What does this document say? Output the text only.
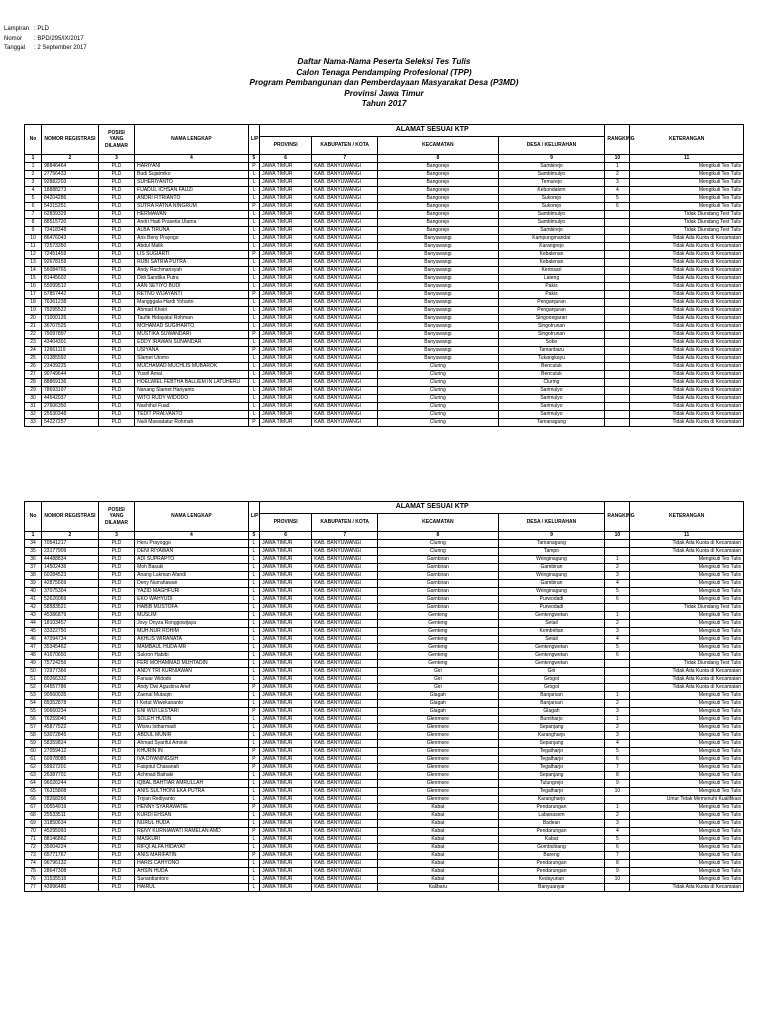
Lampiran : PLD
Nomor : BPD/295/IX/2017
Tanggal : 2 September 2017
Daftar Nama-Nama Peserta Seleksi Tes Tulis
Calon Tenaga Pendamping Profesional (TPP)
Program Pembangunan dan Pemberdayaan Masyarakat Desa (P3MD)
Provinsi Jawa Timur
Tahun 2017
No	NOMOR REGISTRASI	POSISI YANG DILAMAR	NAMA LENGKAP	L/P	ALAMAT SESUAI KTP				RANGKING	KETERANGAN
					PROVINSI	KABUPATEN / KOTA	KECAMATAN	DESA / KELURAHAN		
1	2	3	4	5	6	7	8	9	10	11
1	98846464	PLD	HARIYANI	P	JAWA TIMUR	KAB. BANYUWANGI	Bangorejo	Sambirejo	1	Mengikuti Tes Tulis
2	27756433	PLD	Budi Sujatmiko	L	JAWA TIMUR	KAB. BANYUWANGI	Bangorejo	Sambimulyo	2	Mengikuti Tes Tulis
3	92882203	PLD	SUHERIYANTO	L	JAWA TIMUR	KAB. BANYUWANGI	Bangorejo	Temurejo	3	Mengikuti Tes Tulis
4	18888273	PLD	FUADUL ICHSAN FAUZI	L	JAWA TIMUR	KAB. BANYUWANGI	Bangorejo	Kebondalem	4	Mengikuti Tes Tulis
5	84204286	PLD	ANDRI FITRIANTO	L	JAWA TIMUR	KAB. BANYUWANGI	Bangorejo	Sukorejo	5	Mengikuti Tes Tulis
6	54315251	PLD	SUTRA RATNA NINGRUM	P	JAWA TIMUR	KAB. BANYUWANGI	Bangorejo	Sukorejo	6	Mengikuti Tes Tulis
7	62839329	PLD	HERMAWAN	L	JAWA TIMUR	KAB. BANYUWANGI	Bangorejo	Sambimulyo		Tidak Diundang Test Tulis
8	88515720	PLD	Andri Hadi Prasetia Utama	L	JAWA TIMUR	KAB. BANYUWANGI	Bangorejo	Sambimulyo		Tidak Diundang Test Tulis
9	73418348	PLD	ALBA TIRUNA	L	JAWA TIMUR	KAB. BANYUWANGI	Bangorejo	Sambirejo		Tidak Diundang Test Tulis
10	86476043	PLD	Aris Beny Prayogo	L	JAWA TIMUR	KAB. BANYUWANGI	Banyuwangi	Kampungmandar		Tidak Ada Kuota di Kecamatan
11	72573350	PLD	Abdul Malik	L	JAWA TIMUR	KAB. BANYUWANGI	Banyuwangi	Karangrejo		Tidak Ada Kuota di Kecamatan
12	72451459	PLD	LIS SUGIARTI	P	JAWA TIMUR	KAB. BANYUWANGI	Banyuwangi	Kebalenan		Tidak Ada Kuota di Kecamatan
13	92678159	PLD	RUBI SATRIA PUTRA	L	JAWA TIMUR	KAB. BANYUWANGI	Banyuwangi	Kebalenan		Tidak Ada Kuota di Kecamatan
14	56084765	PLD	Andy Rachmansyah	L	JAWA TIMUR	KAB. BANYUWANGI	Banyuwangi	Kertosari		Tidak Ada Kuota di Kecamatan
15	81445602	PLD	Didi Sandika Putra	L	JAWA TIMUR	KAB. BANYUWANGI	Banyuwangi	Lateng		Tidak Ada Kuota di Kecamatan
16	55099512	PLD	AAN SETIYO BUDI	L	JAWA TIMUR	KAB. BANYUWANGI	Banyuwangi	Pakis		Tidak Ada Kuota di Kecamatan
17	57857442	PLD	RETNO WIJAYANTI	P	JAWA TIMUR	KAB. BANYUWANGI	Banyuwangi	Pakis		Tidak Ada Kuota di Kecamatan
18	76361238	PLD	Mangggala Hardi Yoharto	L	JAWA TIMUR	KAB. BANYUWANGI	Banyuwangi	Penganjuran		Tidak Ada Kuota di Kecamatan
19	79295522	PLD	Ahmad Khoiri	L	JAWA TIMUR	KAB. BANYUWANGI	Banyuwangi	Penganjuran		Tidak Ada Kuota di Kecamatan
20	71000126	PLD	Taufik Hidayatul Rohman	L	JAWA TIMUR	KAB. BANYUWANGI	Banyuwangi	Singonegaran		Tidak Ada Kuota di Kecamatan
21	36707525	PLD	MOHAMAD SUGIHARTO	L	JAWA TIMUR	KAB. BANYUWANGI	Banyuwangi	Singotrunan		Tidak Ada Kuota di Kecamatan
22	79097897	PLD	MUSTIKA SUWANDARI	P	JAWA TIMUR	KAB. BANYUWANGI	Banyuwangi	Singotrunan		Tidak Ada Kuota di Kecamatan
23	43404301	PLD	EDDY IRAWAN SUNANDAR	L	JAWA TIMUR	KAB. BANYUWANGI	Banyuwangi	Sobo		Tidak Ada Kuota di Kecamatan
24	12661119	PLD	USIYANA	P	JAWA TIMUR	KAB. BANYUWANGI	Banyuwangi	Tamanbaru		Tidak Ada Kuota di Kecamatan
25	01385592	PLD	Slamet Utomo	L	JAWA TIMUR	KAB. BANYUWANGI	Banyuwangi	Tukangkayu		Tidak Ada Kuota di Kecamatan
26	23439225	PLD	MUCHAMAD MUCHLIS MUBAROK	L	JAWA TIMUR	KAB. BANYUWANGI	Cluring	Benculuk		Tidak Ada Kuota di Kecamatan
27	90749644	PLD	Yusril Amal	L	JAWA TIMUR	KAB. BANYUWANGI	Cluring	Benculuk		Tidak Ada Kuota di Kecamatan
28	88869136	PLD	HOELWIEL FEBTHA BALLIEM IN LATUHERU	L	JAWA TIMUR	KAB. BANYUWANGI	Cluring	Cluring		Tidak Ada Kuota di Kecamatan
29	78693197	PLD	Nanang Slamet Hariyanto	L	JAWA TIMUR	KAB. BANYUWANGI	Cluring	Sarimulyo		Tidak Ada Kuota di Kecamatan
30	44542037	PLD	WITO RUDY WIDODO	L	JAWA TIMUR	KAB. BANYUWANGI	Cluring	Sarimulyo		Tidak Ada Kuota di Kecamatan
31	27606350	PLD	Nashihul Fuad	L	JAWA TIMUR	KAB. BANYUWANGI	Cluring	Sarimulyo		Tidak Ada Kuota di Kecamatan
32	25530348	PLD	TEDIT PRALVANTO	L	JAWA TIMUR	KAB. BANYUWANGI	Cluring	Sarimulyo		Tidak Ada Kuota di Kecamatan
33	54227257	PLD	Naili Mawadatur Rohmah	P	JAWA TIMUR	KAB. BANYUWANGI	Cluring	Tamanagung		Tidak Ada Kuota di Kecamatan
No	NOMOR REGISTRASI	POSISI YANG DILAMAR	NAMA LENGKAP	L/P	ALAMAT SESUAI KTP				RANGKING	KETERANGAN
					PROVINSI	KABUPATEN / KOTA	KECAMATAN	DESA / KELURAHAN		
1	2	3	4	5	6	7	8	9	10	11
34	70541217	PLD	Heru Prayoggo	L	JAWA TIMUR	KAB. BANYUWANGI	Cluring	Tamanagung		Tidak Ada Kuota di Kecamatan
35	23177909	PLD	DENI RIYAWAN	L	JAWA TIMUR	KAB. BANYUWANGI	Cluring	Tampo		Tidak Ada Kuota di Kecamatan
36	44488834	PLD	ADI SUPRAPTO	L	JAWA TIMUR	KAB. BANYUWANGI	Gambiran	Wringinagung	1	Mengikuti Tes Tulis
37	14502436	PLD	Moh Basuki	L	JAWA TIMUR	KAB. BANYUWANGI	Gambiran	Gambiran	2	Mengikuti Tes Tulis
38	60284523	PLD	Anang Lukman Afandi	L	JAWA TIMUR	KAB. BANYUWANGI	Gambiran	Wringinagung	3	Mengikuti Tes Tulis
39	42875669	PLD	Deny Nurrahawan	L	JAWA TIMUR	KAB. BANYUWANGI	Gambiran	Gambiran	4	Mengikuti Tes Tulis
40	37075304	PLD	YAZID MAGHFURI	L	JAWA TIMUR	KAB. BANYUWANGI	Gambiran	Wringinagung	5	Mengikuti Tes Tulis
41	52626069	PLD	EKO WAHYUDI	L	JAWA TIMUR	KAB. BANYUWANGI	Gambiran	Purwodadi	6	Mengikuti Tes Tulis
42	58583521	PLD	HABIB MUSTOFA	L	JAWA TIMUR	KAB. BANYUWANGI	Gambiran	Purwodadi		Tidak Diundang Test Tulis
43	45386879	PLD	MUSLIM	L	JAWA TIMUR	KAB. BANYUWANGI	Genteng	Gentengwetan	1	Mengikuti Tes Tulis
44	18103457	PLD	Jovy Onyza Ronggowijaya	L	JAWA TIMUR	KAB. BANYUWANGI	Genteng	Setail	2	Mengikuti Tes Tulis
45	33322750	PLD	MUH.NUR ROHIM	L	JAWA TIMUR	KAB. BANYUWANGI	Genteng	Kembiritan	3	Mengikuti Tes Tulis
46	47094734	PLD	AKHLIS WIRANATA	L	JAWA TIMUR	KAB. BANYUWANGI	Genteng	Setail	4	Mengikuti Tes Tulis
47	35345462	PLD	MAMBAUL HUDA MR	L	JAWA TIMUR	KAB. BANYUWANGI	Genteng	Gentengwetan	5	Mengikuti Tes Tulis
48	41670650	PLD	Sukron Habibi	L	JAWA TIMUR	KAB. BANYUWANGI	Genteng	Gentengwetan	6	Mengikuti Tes Tulis
49	75724256	PLD	FERI MOHAMMAD MUHTADIN	L	JAWA TIMUR	KAB. BANYUWANGI	Genteng	Gentengwetan		Tidak Diundang Test Tulis
50	72977366	PLD	ANDY TRI KURNIAWAN	L	JAWA TIMUR	KAB. BANYUWANGI	Giri	Giri		Tidak Ada Kuota di Kecamatan
51	80266332	PLD	Fanuar Widodo	L	JAWA TIMUR	KAB. BANYUWANGI	Giri	Grogol		Tidak Ada Kuota di Kecamatan
52	64557786	PLD	Andy Dwi Agustina Arief	P	JAWA TIMUR	KAB. BANYUWANGI	Giri	Grogol		Tidak Ada Kuota di Kecamatan
53	90560035	PLD	Zaenal Mutaqin	L	JAWA TIMUR	KAB. BANYUWANGI	Glagah	Banjarsari	1	Mengikuti Tes Tulis
54	89352878	PLD	I Ketut Wiwekananto	L	JAWA TIMUR	KAB. BANYUWANGI	Glagah	Banjarsari	2	Mengikuti Tes Tulis
55	90660234	PLD	ENI WIJI LESTARI	P	JAWA TIMUR	KAB. BANYUWANGI	Glagah	Glagah	3	Mengikuti Tes Tulis
56	76259040	PLD	SOLEH HUDIN	L	JAWA TIMUR	KAB. BANYUWANGI	Glenmore	Bumiharjo	1	Mengikuti Tes Tulis
57	45877522	PLD	Wisnu Istharmadi	L	JAWA TIMUR	KAB. BANYUWANGI	Glenmore	Sepanjang	2	Mengikuti Tes Tulis
58	53072845	PLD	ABDUL MUNIR	L	JAWA TIMUR	KAB. BANYUWANGI	Glenmore	Karangharjo	3	Mengikuti Tes Tulis
59	58359824	PLD	Ahmad Syariful Aminin	L	JAWA TIMUR	KAB. BANYUWANGI	Glenmore	Sepanjang	4	Mengikuti Tes Tulis
60	27059412	PLD	KHURIN IN	P	JAWA TIMUR	KAB. BANYUWANGI	Glenmore	Tegalharjo	5	Mengikuti Tes Tulis
61	60978085	PLD	IVA DIYANINGSIH	P	JAWA TIMUR	KAB. BANYUWANGI	Glenmore	Tegalharjo	6	Mengikuti Tes Tulis
62	59927201	PLD	Faiqotul Chasanah	P	JAWA TIMUR	KAB. BANYUWANGI	Glenmore	Tegalharjo	7	Mengikuti Tes Tulis
63	26387701	PLD	Achmad Baihaki	L	JAWA TIMUR	KAB. BANYUWANGI	Glenmore	Sepanjang	8	Mengikuti Tes Tulis
64	96026244	PLD	IQBAL BAHTIAR AMRULLAH	L	JAWA TIMUR	KAB. BANYUWANGI	Glenmore	Tulungrejo	9	Mengikuti Tes Tulis
65	76315808	PLD	ANIS SULTHONI EKA PUTRA	L	JAWA TIMUR	KAB. BANYUWANGI	Glenmore	Tegalharjo	10	Mengikuti Tes Tulis
66	78268266	PLD	Triyan Rediyanto	L	JAWA TIMUR	KAB. BANYUWANGI	Glenmore	Karangharjo		Umur Tidak Memenuhi Kualifikasi
67	00554919	PLD	HENNY SYARAWATIE	P	JAWA TIMUR	KAB. BANYUWANGI	Kabat	Pendarungan	1	Mengikuti Tes Tulis
68	25533511	PLD	KURDI EHSAN	L	JAWA TIMUR	KAB. BANYUWANGI	Kabat	Labanasem	2	Mengikuti Tes Tulis
69	31850634	PLD	NURUL HUDA	L	JAWA TIMUR	KAB. BANYUWANGI	Kabat	Badean	3	Mengikuti Tes Tulis
70	45295993	PLD	RENY KURNIAWATI RAMELAN AMD	P	JAWA TIMUR	KAB. BANYUWANGI	Kabat	Pendarungan	4	Mengikuti Tes Tulis
71	88146862	PLD	MASKURI	L	JAWA TIMUR	KAB. BANYUWANGI	Kabat	Kabat	5	Mengikuti Tes Tulis
72	35004224	PLD	RIFQI ALFA HIDAYAT	L	JAWA TIMUR	KAB. BANYUWANGI	Kabat	Gombolirang	6	Mengikuti Tes Tulis
73	65771767	PLD	ANIS MARIFATIN	P	JAWA TIMUR	KAB. BANYUWANGI	Kabat	Bareng	7	Mengikuti Tes Tulis
74	96796132	PLD	HARIS CAHYONO	L	JAWA TIMUR	KAB. BANYUWANGI	Kabat	Pendarungan	8	Mengikuti Tes Tulis
75	28647308	PLD	AHSIN HUDA	L	JAWA TIMUR	KAB. BANYUWANGI	Kabat	Pendarungan	9	Mengikuti Tes Tulis
76	31535516	PLD	Sunardiantoro	L	JAWA TIMUR	KAB. BANYUWANGI	Kabat	Kedayunan	10	Mengikuti Tes Tulis
77	43996480	PLD	HAIRUL	L	JAWA TIMUR	KAB. BANYUWANGI	Kalibaru	Banyuanyar		Tidak Ada Kuota di Kecamatan
